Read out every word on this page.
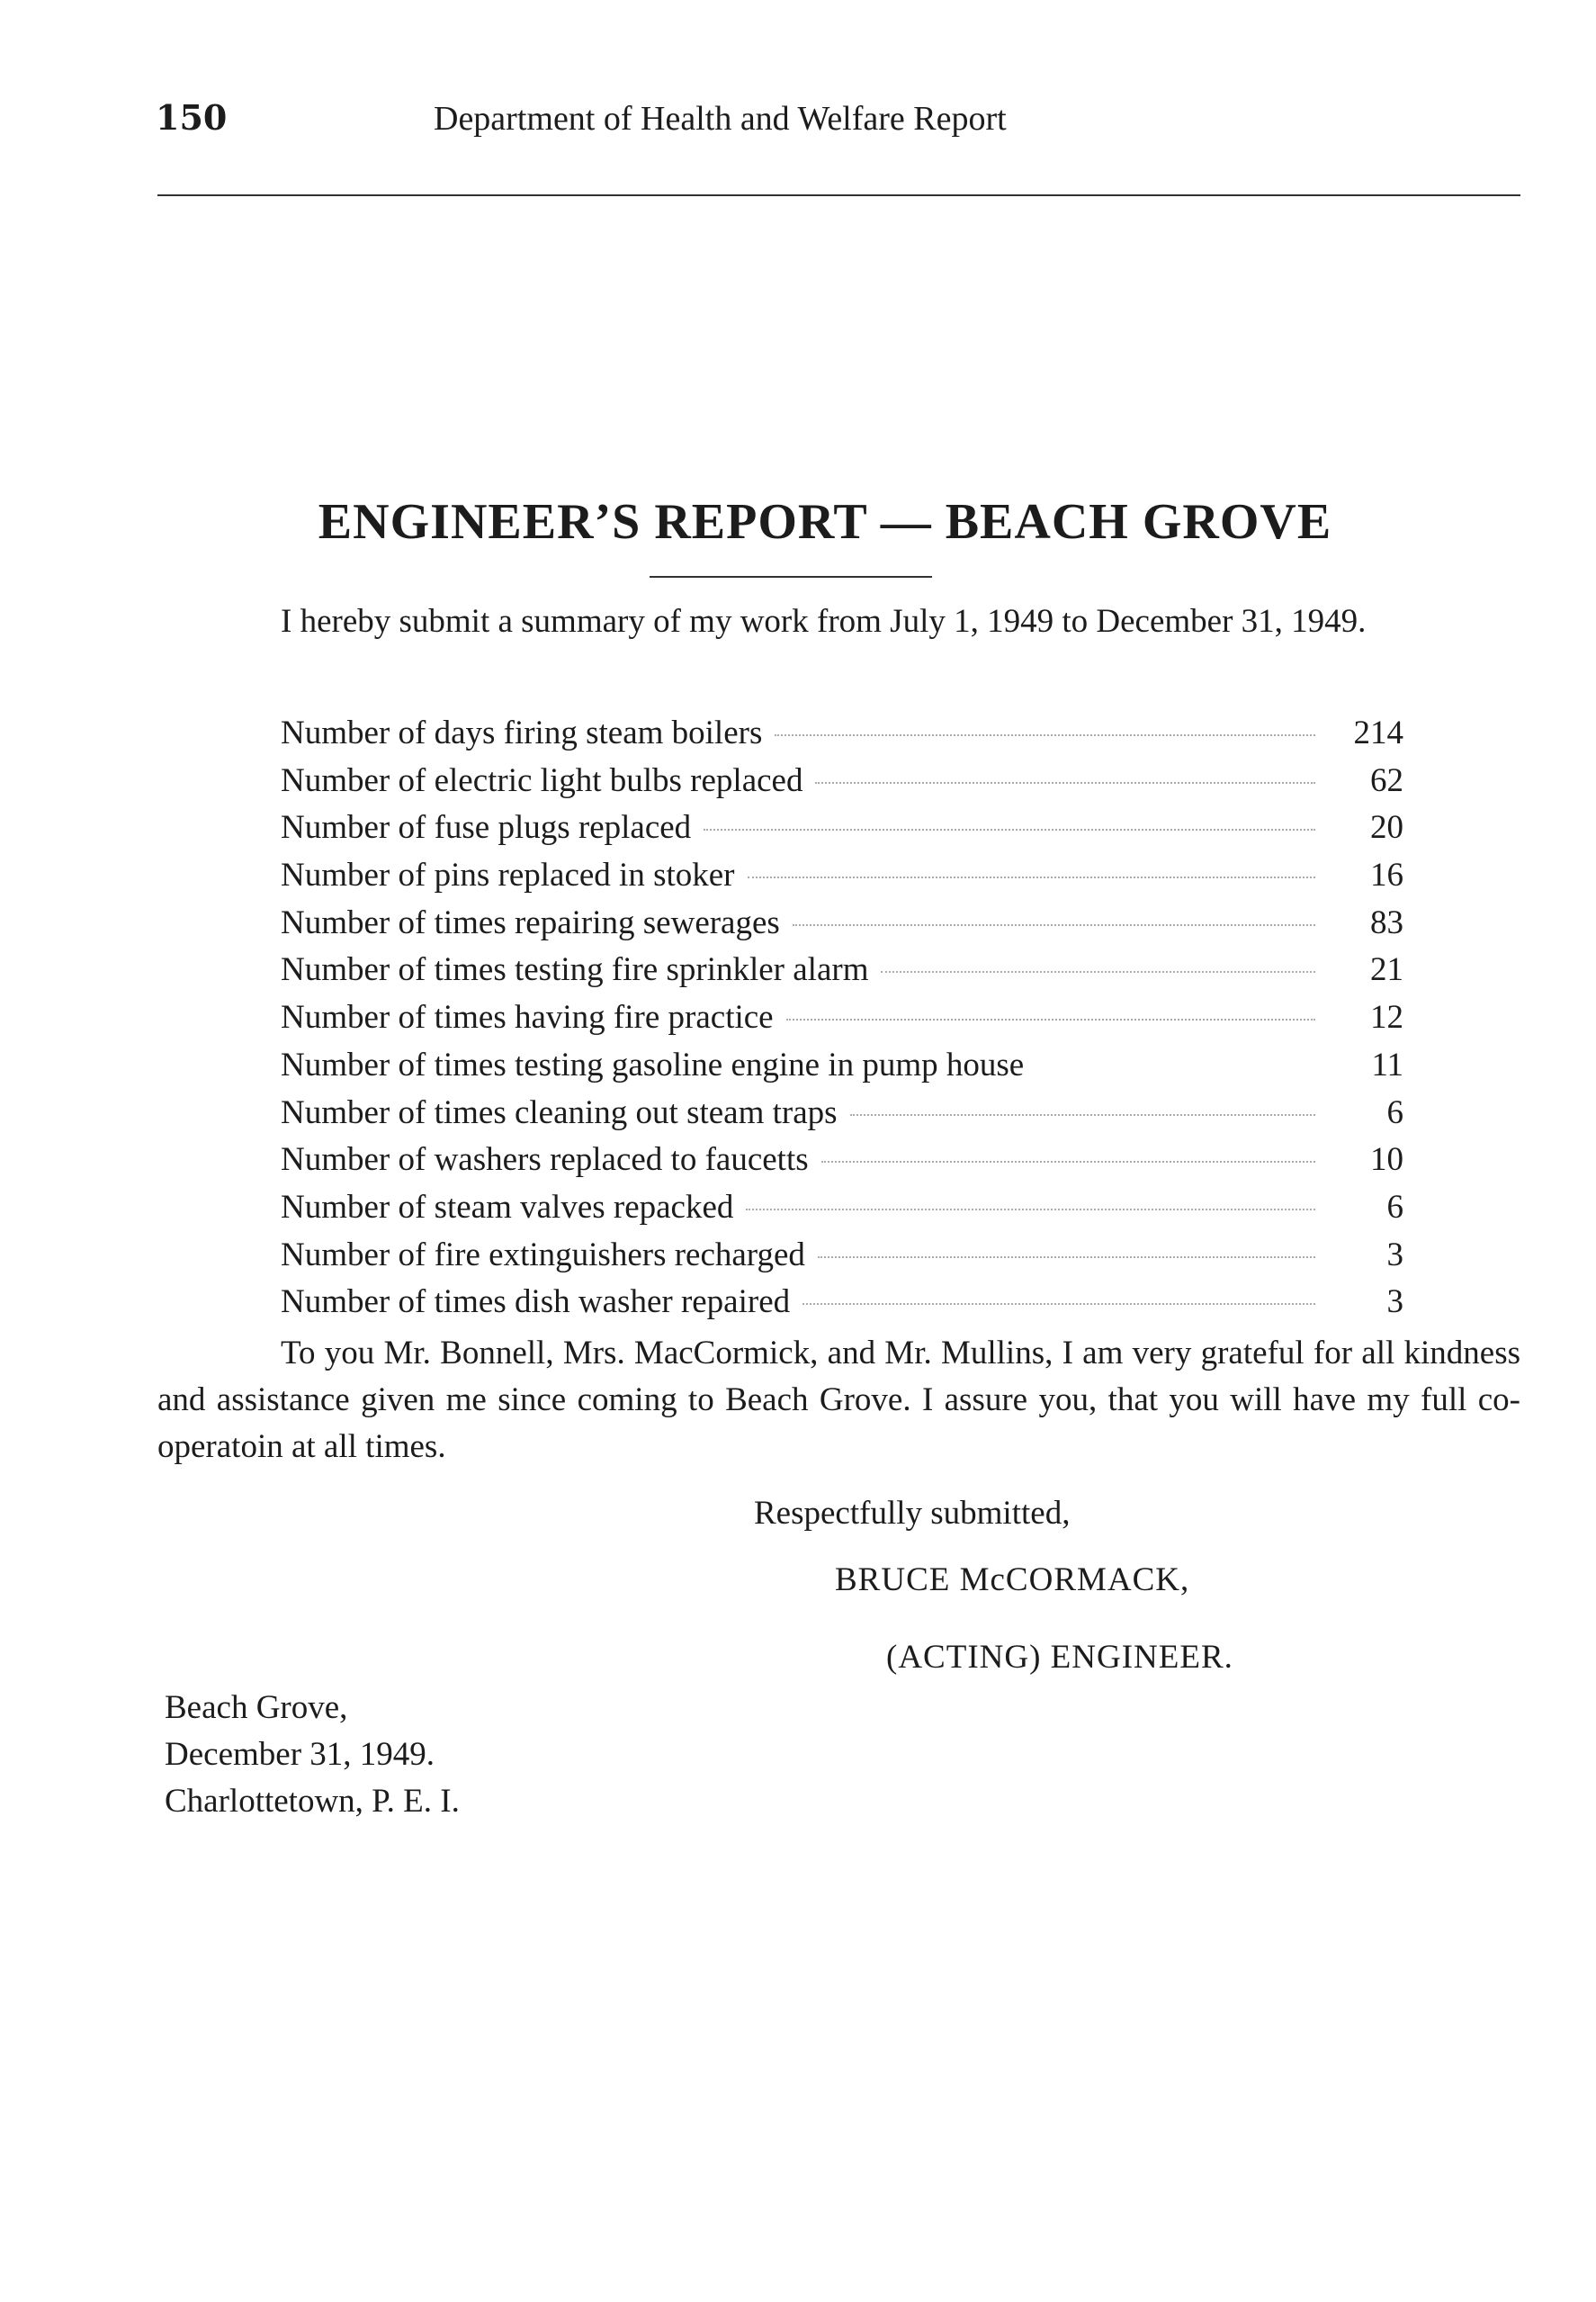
150	Department of Health and Welfare Report
ENGINEER’S REPORT — BEACH GROVE

I hereby submit a summary of my work from July 1, 1949 to December 31, 1949.

Number of days firing steam boilers	214
Number of electric light bulbs replaced	62
Number of fuse plugs replaced	20
Number of pins replaced in stoker	16
Number of times repairing sewerages	83
Number of times testing fire sprinkler alarm	21
Number of times having fire practice	12
Number of times testing gasoline engine in pump house	11
Number of times cleaning out steam traps	6
Number of washers replaced to faucetts	10
Number of steam valves repacked	6
Number of fire extinguishers recharged	3
Number of times dish washer repaired	3

To you Mr. Bonnell, Mrs. MacCormick, and Mr. Mullins, I am very grateful for all kindness and assistance given me since coming to Beach Grove. I assure you, that you will have my full co-operatoin at all times.

Respectfully submitted,
BRUCE McCORMACK,
(ACTING) ENGINEER.
Beach Grove,
December 31, 1949.
Charlottetown, P. E. I.
